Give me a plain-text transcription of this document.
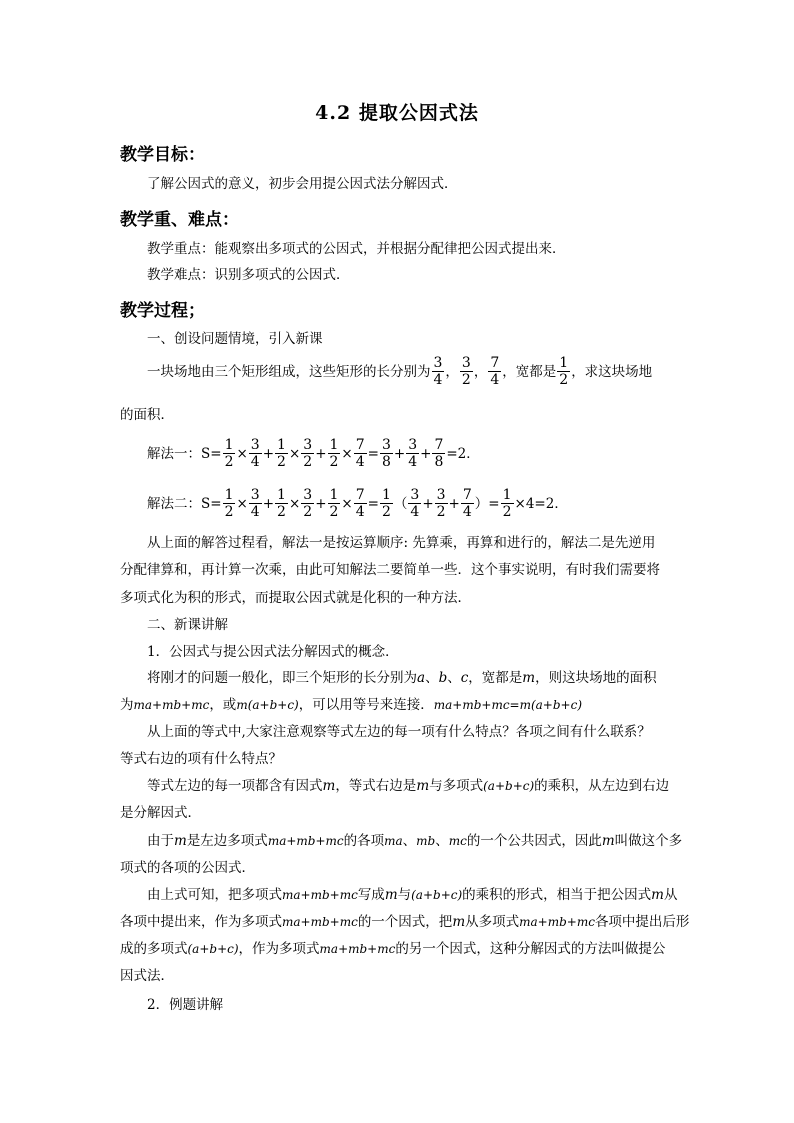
4.2 提取公因式法
教学目标：
了解公因式的意义，初步会用提公因式法分解因式．
教学重、难点：
教学重点：能观察出多项式的公因式，并根据分配律把公因式提出来．
教学难点：识别多项式的公因式．
教学过程；
一、创设问题情境，引入新课
一块场地由三个矩形组成，这些矩形的长分别为 $\frac{3}{4}$ ， $\frac{3}{2}$ ， $\frac{7}{4}$ ，宽都是 $\frac{1}{2}$ ，求这块场地
的面积．
解法一：$S= \frac{1}{2} \times \frac{3}{4} + \frac{1}{2} \times \frac{3}{2} + \frac{1}{2} \times \frac{7}{4} = \frac{3}{8} + \frac{3}{4} + \frac{7}{8} =2$．
解法二：$S= \frac{1}{2} \times \frac{3}{4} + \frac{1}{2} \times \frac{3}{2} + \frac{1}{2} \times \frac{7}{4} = \frac{1}{2}$ （ $\frac{3}{4} + \frac{3}{2} + \frac{7}{4}$ ）= $\frac{1}{2} \times 4=2$．
从上面的解答过程看，解法一是按运算顺序: 先算乘，再算和进行的，解法二是先逆用
分配律算和，再计算一次乘，由此可知解法二要简单一些．这个事实说明，有时我们需要将
多项式化为积的形式，而提取公因式就是化积的一种方法．
二、新课讲解
1．公因式与提公因式法分解因式的概念．
将刚才的问题一般化，即三个矩形的长分别为a、b、c，宽都是m，则这块场地的面积
为ma+mb+mc，或m(a+b+c)，可以用等号来连接．ma+mb+mc=m(a+b+c)
从上面的等式中,大家注意观察等式左边的每一项有什么特点？各项之间有什么联系？
等式右边的项有什么特点？
等式左边的每一项都含有因式m，等式右边是m与多项式(a+b+c)的乘积，从左边到右边
是分解因式．
由于m是左边多项式ma+mb+mc的各项ma、mb、mc的一个公共因式，因此m叫做这个多
项式的各项的公因式．
由上式可知，把多项式ma+mb+mc写成m与(a+b+c)的乘积的形式，相当于把公因式m从
各项中提出来，作为多项式ma+mb+mc的一个因式，把m从多项式ma+mb+mc各项中提出后形
成的多项式(a+b+c)，作为多项式ma+mb+mc的另一个因式，这种分解因式的方法叫做提公
因式法．
2．例题讲解
